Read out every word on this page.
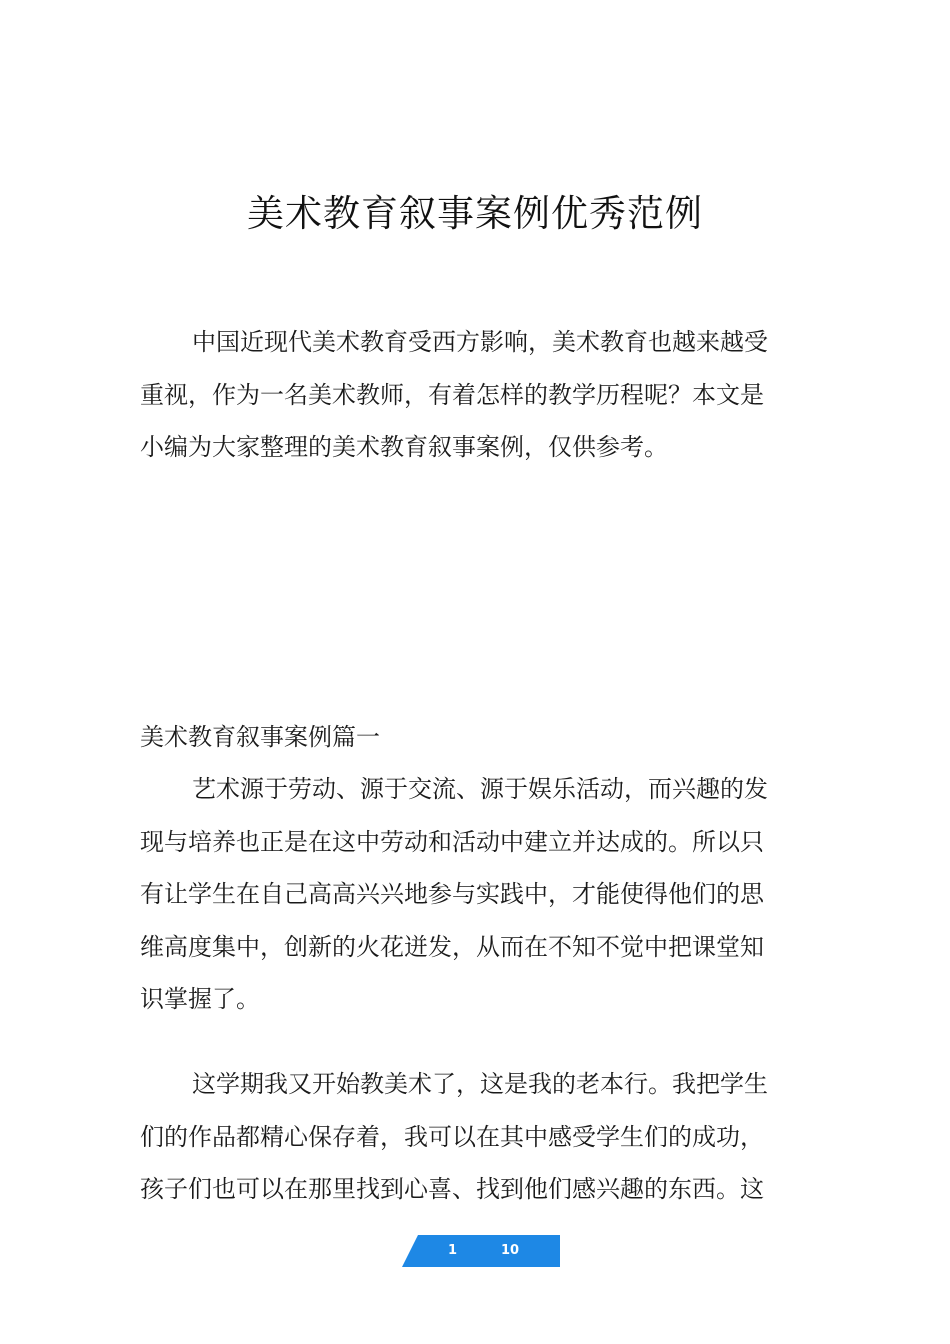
美术教育叙事案例优秀范例

中国近现代美术教育受西方影响，美术教育也越来越受
重视，作为一名美术教师，有着怎样的教学历程呢？本文是
小编为大家整理的美术教育叙事案例，仅供参考。

美术教育叙事案例篇一

艺术源于劳动、源于交流、源于娱乐活动，而兴趣的发
现与培养也正是在这中劳动和活动中建立并达成的。所以只
有让学生在自己高高兴兴地参与实践中，才能使得他们的思
维高度集中，创新的火花迸发，从而在不知不觉中把课堂知
识掌握了。

这学期我又开始教美术了，这是我的老本行。我把学生
们的作品都精心保存着，我可以在其中感受学生们的成功，
孩子们也可以在那里找到心喜、找到他们感兴趣的东西。这

1	10
